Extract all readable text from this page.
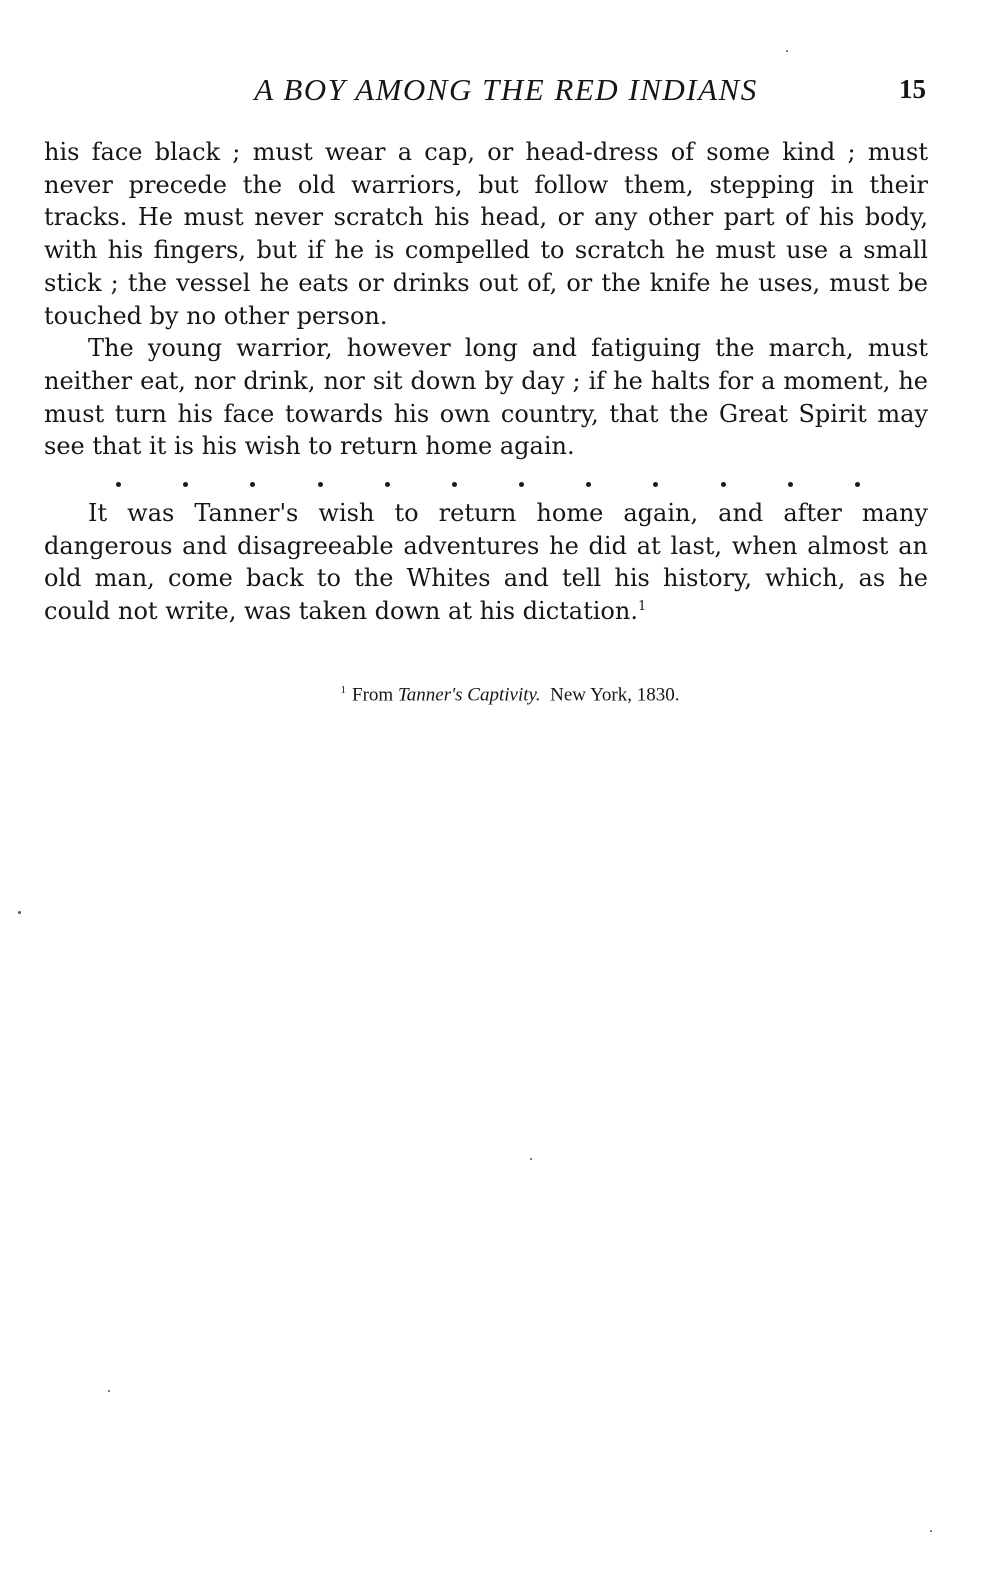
A BOY AMONG THE RED INDIANS	15

his face black ; must wear a cap, or head-dress of some kind ; must never precede the old warriors, but follow them, stepping in their tracks. He must never scratch his head, or any other part of his body, with his fingers, but if he is compelled to scratch he must use a small stick ; the vessel he eats or drinks out of, or the knife he uses, must be touched by no other person.

The young warrior, however long and fatiguing the march, must neither eat, nor drink, nor sit down by day ; if he halts for a moment, he must turn his face towards his own country, that the Great Spirit may see that it is his wish to return home again.

It was Tanner's wish to return home again, and after many dangerous and disagreeable adventures he did at last, when almost an old man, come back to the Whites and tell his history, which, as he could not write, was taken down at his dictation.$^1$

$^1$ From Tanner's Captivity. New York, 1830.
